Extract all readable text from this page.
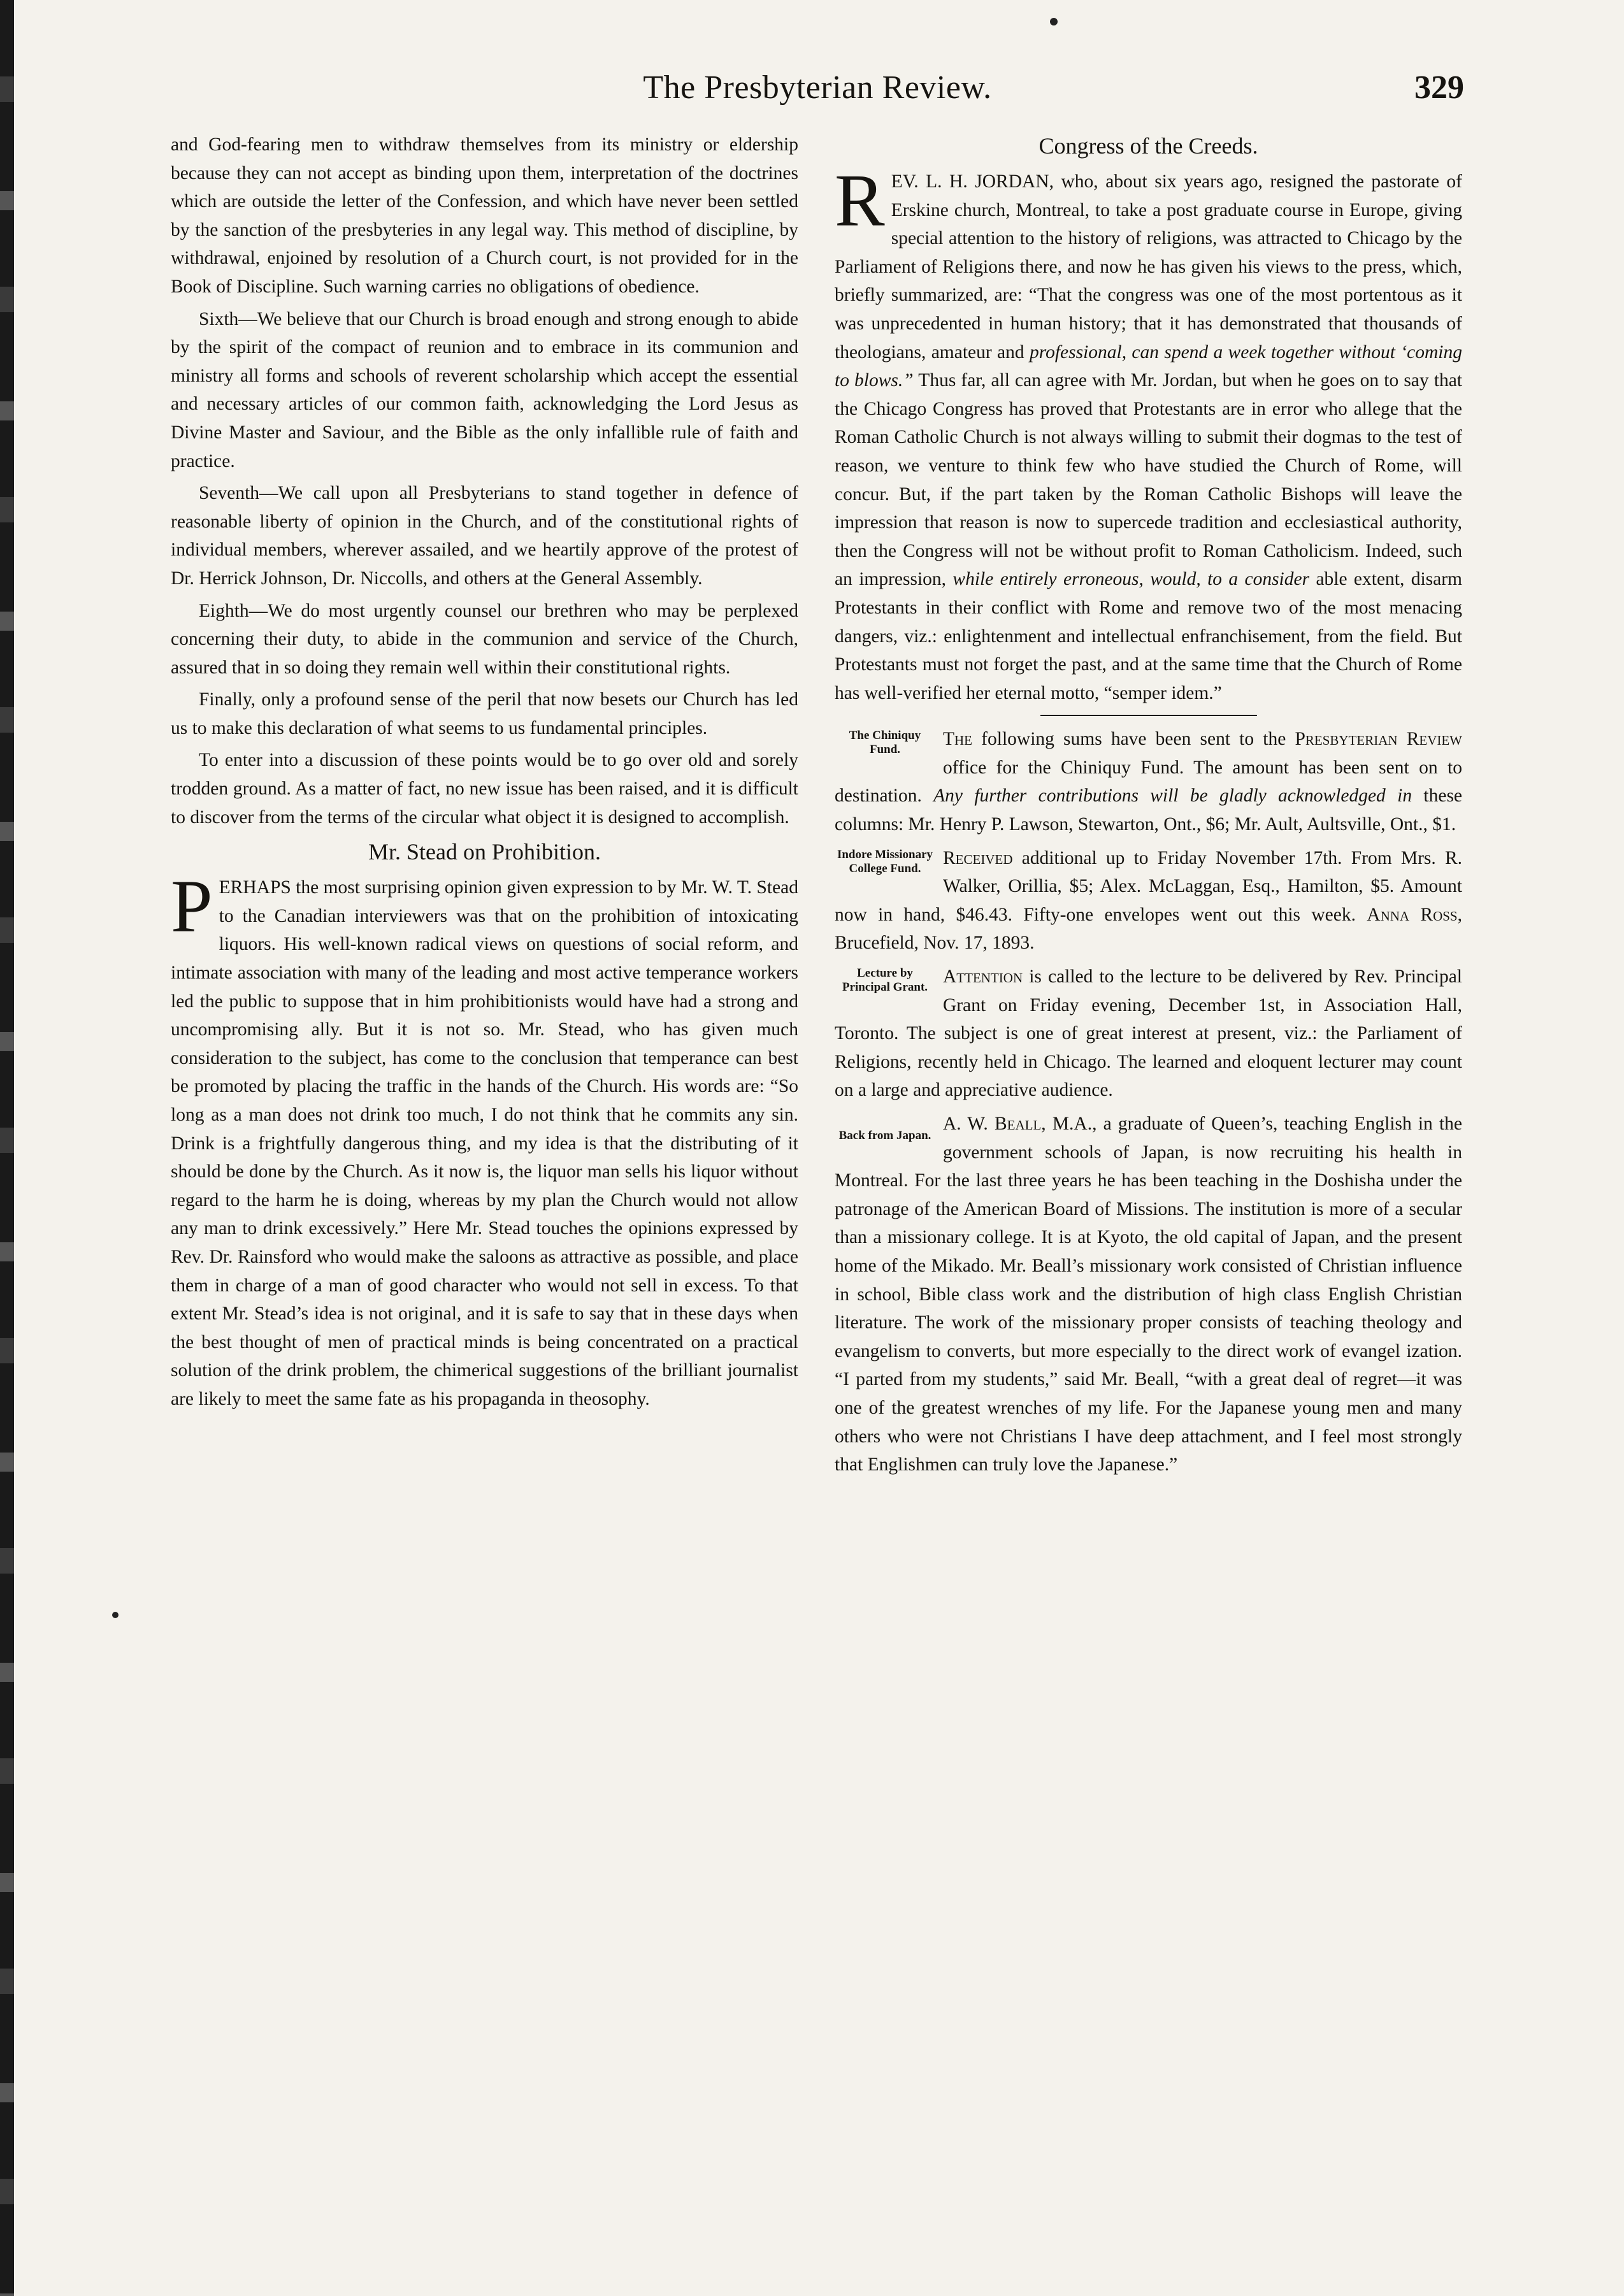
The Presbyterian Review.	329

and God-fearing men to withdraw themselves from its ministry or eldership because they can not accept as binding upon them, interpretation of the doctrines which are outside the letter of the Confession, and which have never been settled by the sanction of the presbyteries in any legal way. This method of discipline, by withdrawal, enjoined by resolution of a Church court, is not provided for in the Book of Discipline. Such warning carries no obligations of obedience.

Sixth—We believe that our Church is broad enough and strong enough to abide by the spirit of the compact of reunion and to embrace in its communion and ministry all forms and schools of reverent scholarship which accept the essential and necessary articles of our common faith, acknowledging the Lord Jesus as Divine Master and Saviour, and the Bible as the only infallible rule of faith and practice.

Seventh—We call upon all Presbyterians to stand together in defence of reasonable liberty of opinion in the Church, and of the constitutional rights of individual members, wherever assailed, and we heartily approve of the protest of Dr. Herrick Johnson, Dr. Niccolls, and others at the General Assembly.

Eighth—We do most urgently counsel our brethren who may be perplexed concerning their duty, to abide in the communion and service of the Church, assured that in so doing they remain well within their constitutional rights.

Finally, only a profound sense of the peril that now besets our Church has led us to make this declaration of what seems to us fundamental principles.

To enter into a discussion of these points would be to go over old and sorely trodden ground. As a matter of fact, no new issue has been raised, and it is difficult to discover from the terms of the circular what object it is designed to accomplish.

Mr. Stead on Prohibition.

PERHAPS the most surprising opinion given expression to by Mr. W. T. Stead to the Canadian interviewers was that on the prohibition of intoxicating liquors. His well-known radical views on questions of social reform, and intimate association with many of the leading and most active temperance workers led the public to suppose that in him prohibitionists would have had a strong and uncompromising ally. But it is not so. Mr. Stead, who has given much consideration to the subject, has come to the conclusion that temperance can best be promoted by placing the traffic in the hands of the Church. His words are: “So long as a man does not drink too much, I do not think that he commits any sin. Drink is a frightfully dangerous thing, and my idea is that the distributing of it should be done by the Church. As it now is, the liquor man sells his liquor without regard to the harm he is doing, whereas by my plan the Church would not allow any man to drink excessively.” Here Mr. Stead touches the opinions expressed by Rev. Dr. Rainsford who would make the saloons as attractive as possible, and place them in charge of a man of good character who would not sell in excess. To that extent Mr. Stead’s idea is not original, and it is safe to say that in these days when the best thought of men of practical minds is being concentrated on a practical solution of the drink problem, the chimerical suggestions of the brilliant journalist are likely to meet the same fate as his propaganda in theosophy.

Congress of the Creeds.

REV. L. H. JORDAN, who, about six years ago, resigned the pastorate of Erskine church, Montreal, to take a post graduate course in Europe, giving special attention to the history of religions, was attracted to Chicago by the Parliament of Religions there, and now he has given his views to the press, which, briefly summarized, are: “That the congress was one of the most portentous as it was unprecedented in human history; that it has demonstrated that thousands of theologians, amateur and professional, can spend a week together without ‘coming to blows.” Thus far, all can agree with Mr. Jordan, but when he goes on to say that the Chicago Congress has proved that Protestants are in error who allege that the Roman Catholic Church is not always willing to submit their dogmas to the test of reason, we venture to think few who have studied the Church of Rome, will concur. But, if the part taken by the Roman Catholic Bishops will leave the impression that reason is now to supercede tradition and ecclesiastical authority, then the Congress will not be without profit to Roman Catholicism. Indeed, such an impression, while entirely erroneous, would, to a consider able extent, disarm Protestants in their conflict with Rome and remove two of the most menacing dangers, viz.: enlightenment and intellectual enfranchisement, from the field. But Protestants must not forget the past, and at the same time that the Church of Rome has well-verified her eternal motto, “semper idem.”

The Chiniquy Fund.

The following sums have been sent to the Presbyterian Review office for the Chiniquy Fund. The amount has been sent on to destination. Any further contributions will be gladly acknowledged in these columns: Mr. Henry P. Lawson, Stewarton, Ont., $6; Mr. Ault, Aultsville, Ont., $1.

Indore Missionary College Fund.

Received additional up to Friday November 17th. From Mrs. R. Walker, Orillia, $5; Alex. McLaggan, Esq., Hamilton, $5. Amount now in hand, $46.43. Fifty-one envelopes went out this week. Anna Ross, Brucefield, Nov. 17, 1893.

Lecture by Principal Grant.

Attention is called to the lecture to be delivered by Rev. Principal Grant on Friday evening, December 1st, in Association Hall, Toronto. The subject is one of great interest at present, viz.: the Parliament of Religions, recently held in Chicago. The learned and eloquent lecturer may count on a large and appreciative audience.

Back from Japan.

A. W. Beall, M.A., a graduate of Queen’s, teaching English in the government schools of Japan, is now recruiting his health in Montreal. For the last three years he has been teaching in the Doshisha under the patronage of the American Board of Missions. The institution is more of a secular than a missionary college. It is at Kyoto, the old capital of Japan, and the present home of the Mikado. Mr. Beall’s missionary work consisted of Christian influence in school, Bible class work and the distribution of high class English Christian literature. The work of the missionary proper consists of teaching theology and evangelism to converts, but more especially to the direct work of evangel ization. “I parted from my students,” said Mr. Beall, “with a great deal of regret—it was one of the greatest wrenches of my life. For the Japanese young men and many others who were not Christians I have deep attachment, and I feel most strongly that Englishmen can truly love the Japanese.”
